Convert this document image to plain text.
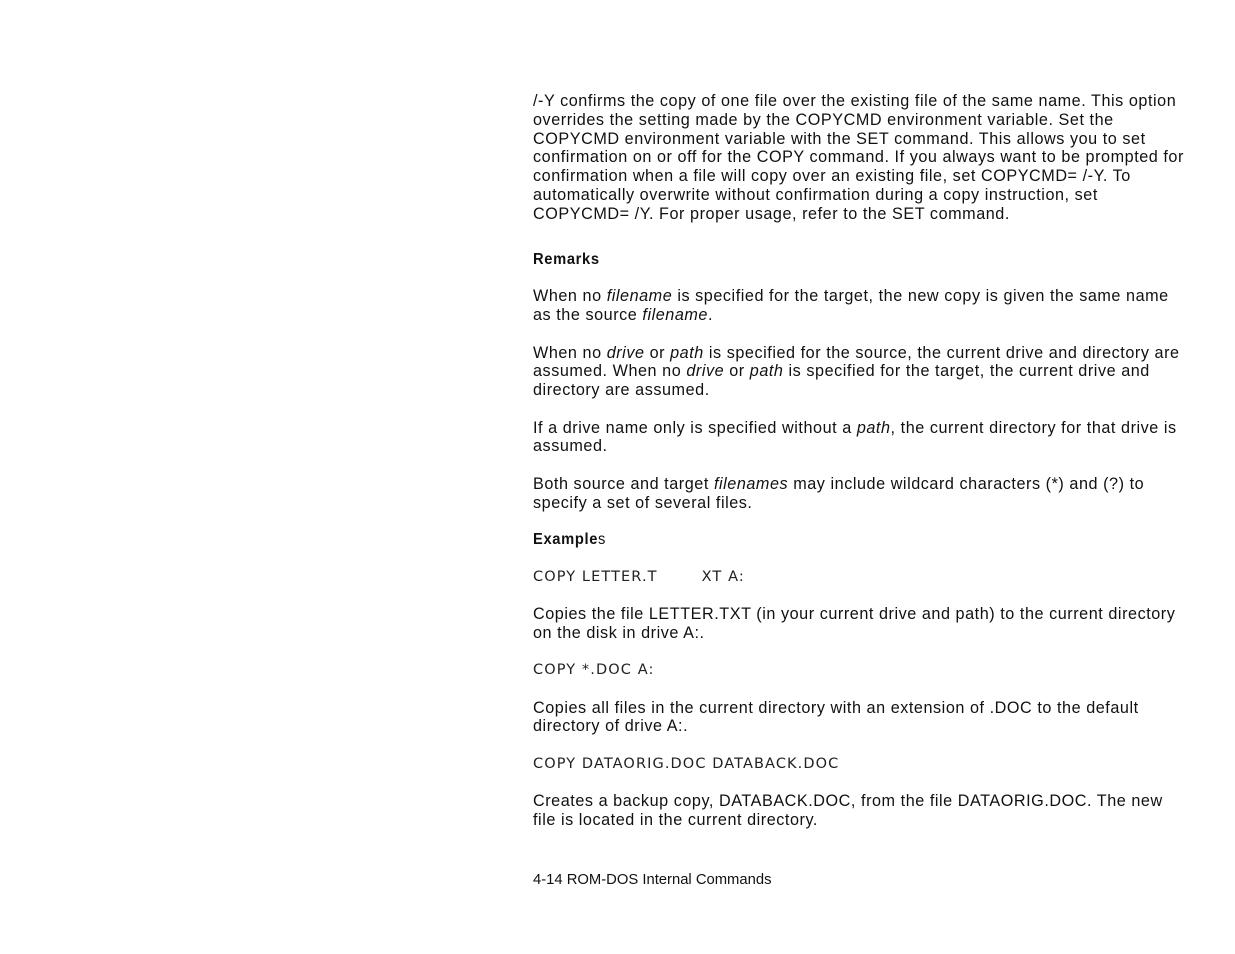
/-Y confirms the copy of one file over the existing file of the same name. This option overrides the setting made by the COPYCMD environment variable. Set the COPYCMD environment variable with the SET command. This allows you to set confirmation on or off for the COPY command. If you always want to be prompted for confirmation when a file will copy over an existing file, set COPYCMD= /-Y. To automatically overwrite without confirmation during a copy instruction, set COPYCMD= /Y. For proper usage, refer to the SET command.

Remarks

When no filename is specified for the target, the new copy is given the same name as the source filename.

When no drive or path is specified for the source, the current drive and directory are assumed. When no drive or path is specified for the target, the current drive and directory are assumed.

If a drive name only is specified without a path, the current directory for that drive is assumed.

Both source and target filenames may include wildcard characters (*) and (?) to specify a set of several files.

Examples
COPY LETTER.T	XT A:

Copies the file LETTER.TXT (in your current drive and path) to the current directory on the disk in drive A:.

COPY *.DOC A:

Copies all files in the current directory with an extension of .DOC to the default directory of drive A:.

COPY DATAORIG.DOC DATABACK.DOC

Creates a backup copy, DATABACK.DOC, from the file DATAORIG.DOC. The new file is located in the current directory.

4-14 ROM-DOS Internal Commands
